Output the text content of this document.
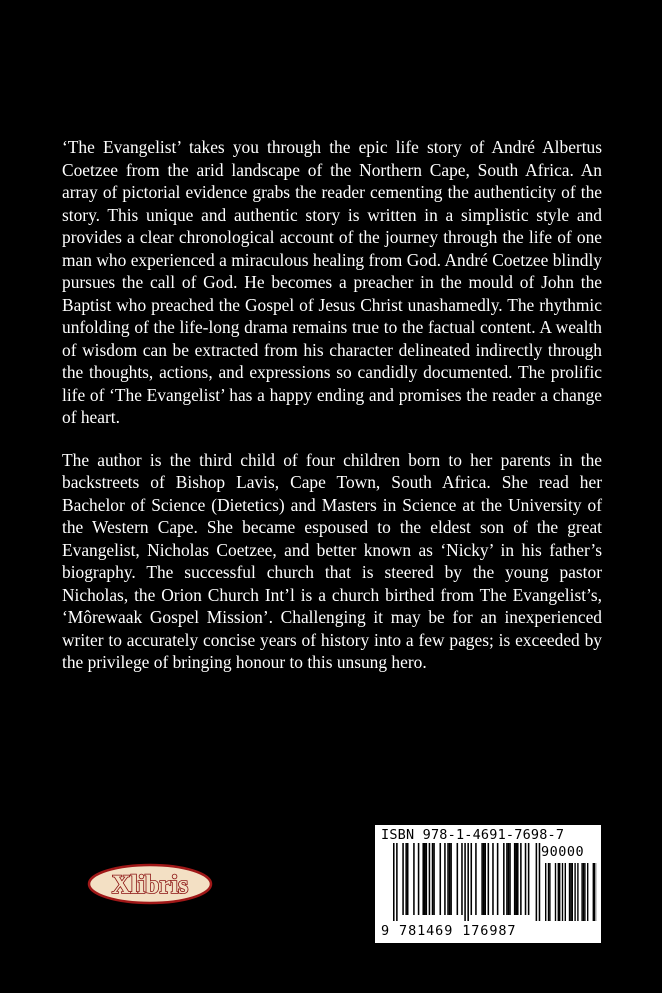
‘The Evangelist’ takes you through the epic life story of André Albertus Coetzee from the arid landscape of the Northern Cape, South Africa. An array of pictorial evidence grabs the reader cementing the authenticity of the story. This unique and authentic story is written in a simplistic style and provides a clear chronological account of the journey through the life of one man who experienced a miraculous healing from God. André Coetzee blindly pursues the call of God. He becomes a preacher in the mould of John the Baptist who preached the Gospel of Jesus Christ unashamedly. The rhythmic unfolding of the life-long drama remains true to the factual content. A wealth of wisdom can be extracted from his character delineated indirectly through the thoughts, actions, and expressions so candidly documented. The prolific life of ‘The Evangelist’ has a happy ending and promises the reader a change of heart.

The author is the third child of four children born to her parents in the backstreets of Bishop Lavis, Cape Town, South Africa. She read her Bachelor of Science (Dietetics) and Masters in Science at the University of the Western Cape. She became espoused to the eldest son of the great Evangelist, Nicholas Coetzee, and better known as ‘Nicky’ in his father’s biography. The successful church that is steered by the young pastor Nicholas, the Orion Church Int’l is a church birthed from The Evangelist’s, ‘Môrewaak Gospel Mission’. Challenging it may be for an inexperienced writer to accurately concise years of history into a few pages; is exceeded by the privilege of bringing honour to this unsung hero.

Xlibris
ISBN 978-1-4691-7698-7
90000
9 781469 176987
